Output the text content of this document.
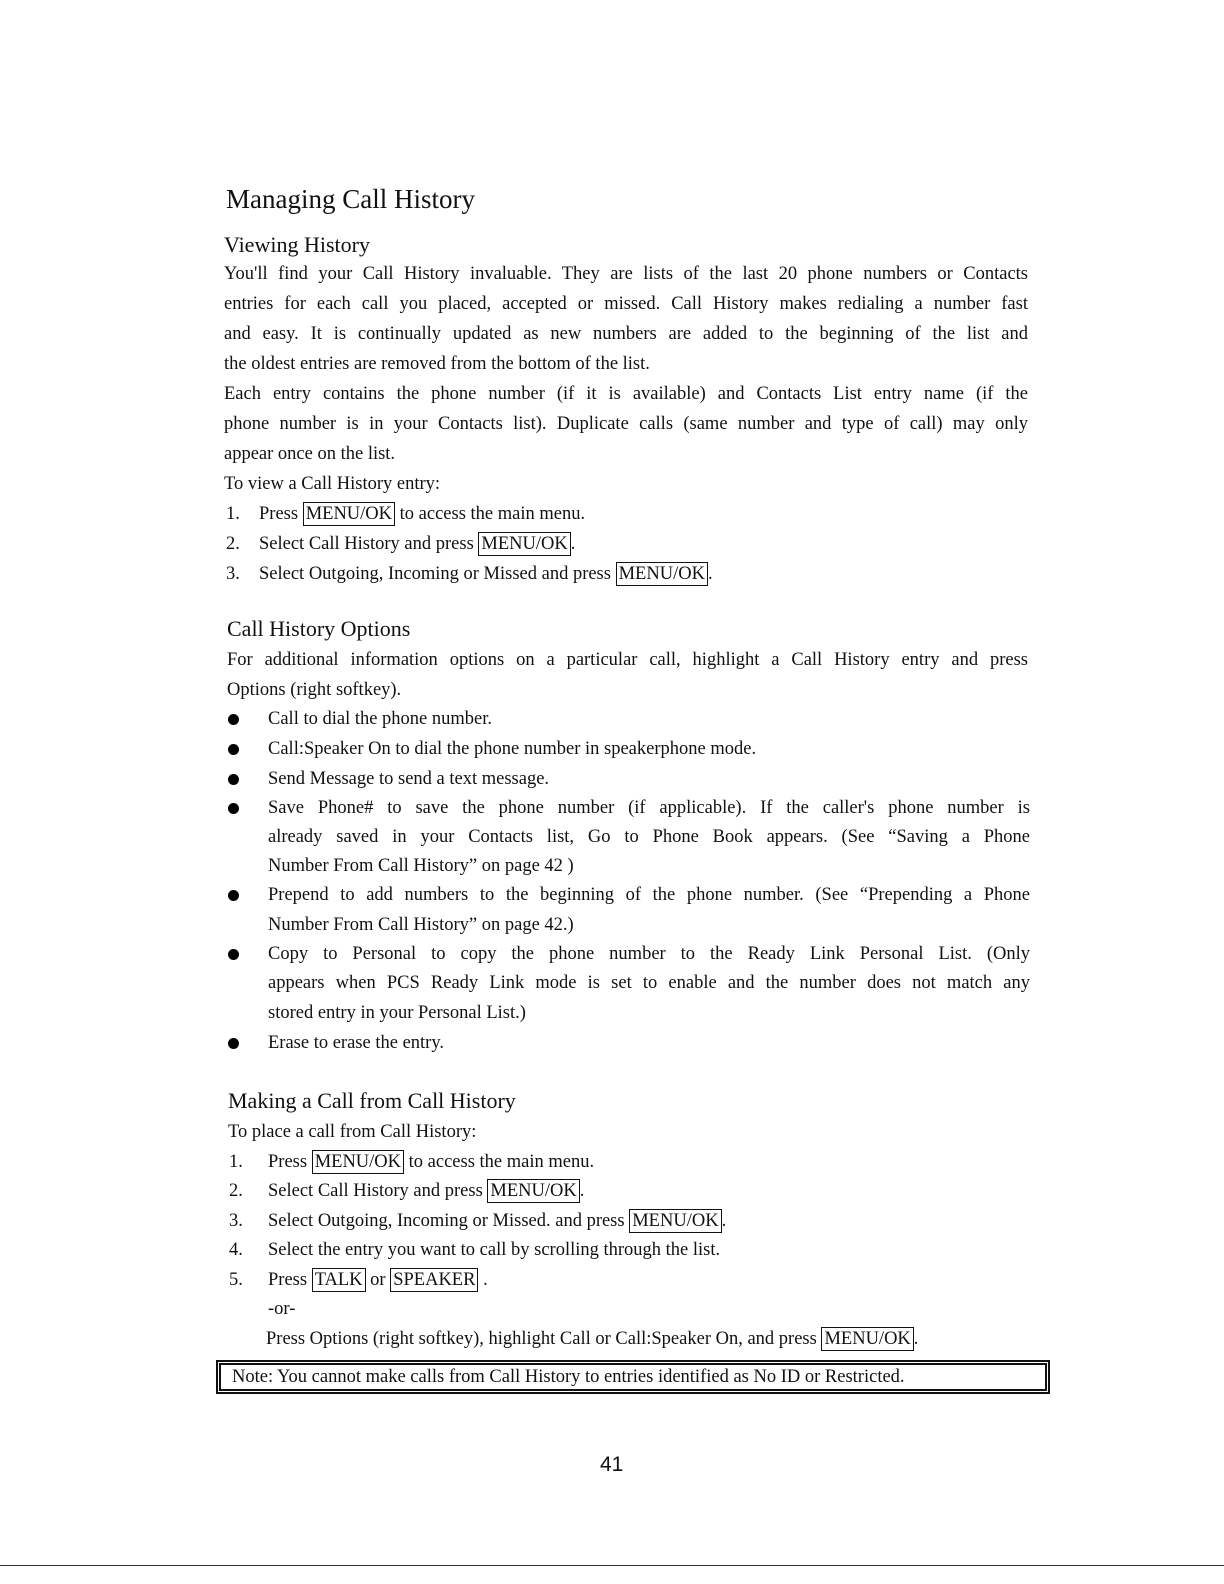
Managing Call History
Viewing History
You'll find your Call History invaluable. They are lists of the last 20 phone numbers or Contacts
entries for each call you placed, accepted or missed. Call History makes redialing a number fast
and easy. It is continually updated as new numbers are added to the beginning of the list and
the oldest entries are removed from the bottom of the list.
Each entry contains the phone number (if it is available) and Contacts List entry name (if the
phone number is in your Contacts list). Duplicate calls (same number and type of call) may only
appear once on the list.
To view a Call History entry:
1. Press MENU/OK to access the main menu.
2. Select Call History and press MENU/OK .
3. Select Outgoing, Incoming or Missed and press MENU/OK .
Call History Options
For additional information options on a particular call, highlight a Call History entry and press
Options (right softkey).
Call to dial the phone number.
Call:Speaker On to dial the phone number in speakerphone mode.
Send Message to send a text message.
Save Phone# to save the phone number (if applicable). If the caller's phone number is
already saved in your Contacts list, Go to Phone Book appears. (See “Saving a Phone
Number From Call History” on page 42 )
Prepend to add numbers to the beginning of the phone number. (See “Prepending a Phone
Number From Call History” on page 42.)
Copy to Personal to copy the phone number to the Ready Link Personal List. (Only
appears when PCS Ready Link mode is set to enable and the number does not match any
stored entry in your Personal List.)
Erase to erase the entry.
Making a Call from Call History
To place a call from Call History:
1. Press MENU/OK to access the main menu.
2. Select Call History and press MENU/OK .
3. Select Outgoing, Incoming or Missed. and press MENU/OK .
4. Select the entry you want to call by scrolling through the list.
5. Press TALK or SPEAKER .
-or-
Press Options (right softkey), highlight Call or Call:Speaker On, and press MENU/OK .
Note: You cannot make calls from Call History to entries identified as No ID or Restricted.
41
